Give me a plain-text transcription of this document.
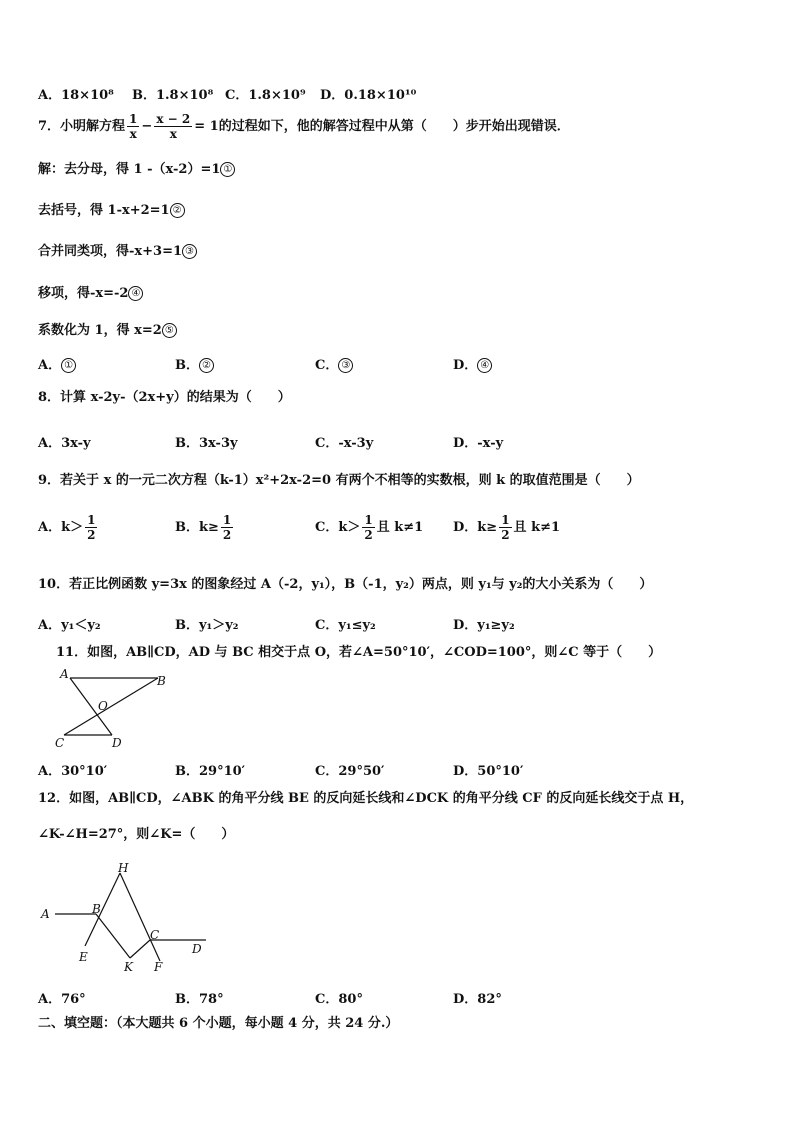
A．18×10⁸ B．1.8×10⁸ C．1.8×10⁹ D．0.18×10¹⁰
7．小明解方程 $\frac{1}{x} - \frac{x - 2}{x} = 1$的过程如下，他的解答过程中从第（　　）步开始出现错误．
解：去分母，得 1 -（x-2）=1 ①
去括号，得 1-x+2=1 ②
合并同类项，得-x+3=1 ③
移项，得-x=-2 ④
系数化为 1，得 x=2 ⑤
A． ①	B． ②	C． ③	D． ④
8．计算 x-2y-（2x+y）的结果为（　　）
A．3x-y	B．3x-3y	C．-x-3y	D．-x-y
9．若关于 x 的一元二次方程（k-1）x²+2x-2=0 有两个不相等的实数根，则 k 的取值范围是（　　）
A．$k> \frac{1}{2}$	B．$k\ge \frac{1}{2}$	C．$k> \frac{1}{2}$ 且 k≠1 D．$k\ge \frac{1}{2}$ 且 k≠1
10．若正比例函数 y=3x 的图象经过 A（-2，y₁），B（-1，y₂）两点，则 y₁与 y₂的大小关系为（　　）
A．y₁＜y₂	B．y₁＞y₂	C．y₁≤y₂	D．y₁≥y₂
11．如图，AB∥CD，AD 与 BC 相交于点 O，若∠A=50°10′，∠COD=100°，则∠C 等于（　　）
A	B
O
C	D
A．30°10′	B．29°10′	C．29°50′	D．50°10′
12．如图，AB∥CD，∠ABK 的角平分线 BE 的反向延长线和∠DCK 的角平分线 CF 的反向延长线交于点 H，
∠K-∠H=27°，则∠K=（　　）
H
A	B
C
D
E
K F
A．76°	B．78°	C．80°	D．82°
二、填空题：（本大题共 6 个小题，每小题 4 分，共 24 分.）
